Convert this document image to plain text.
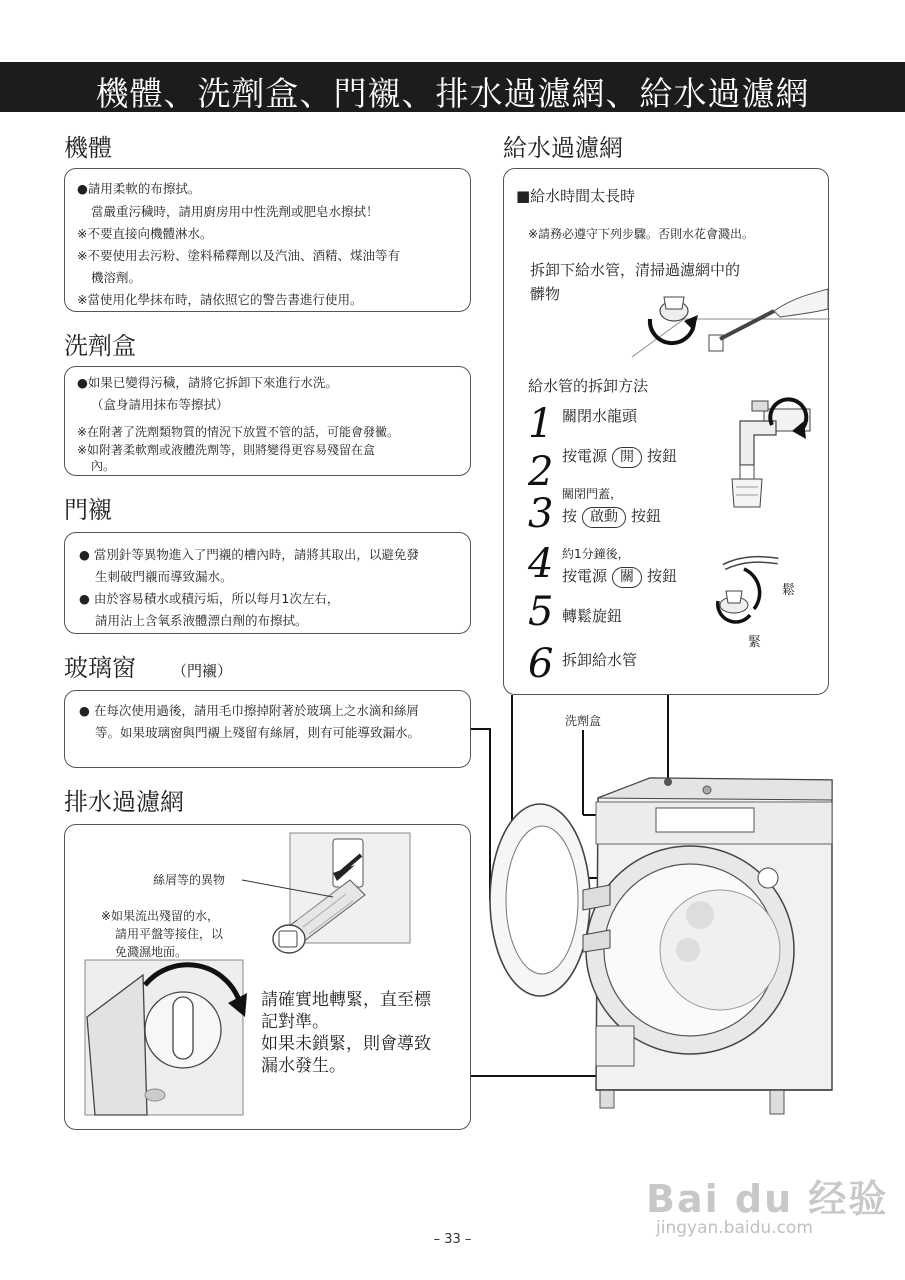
機體、洗劑盒、門襯、排水過濾網、給水過濾網
機體
●請用柔軟的布擦拭。
當嚴重污穢時，請用廚房用中性洗劑或肥皂水擦拭！
※不要直接向機體淋水。
※不要使用去污粉、塗料稀釋劑以及汽油、酒精、煤油等有
機溶劑。
※當使用化學抹布時，請依照它的警告書進行使用。
洗劑盒
●如果已變得污穢，請將它拆卸下來進行水洗。
（盒身請用抹布等擦拭）
※在附著了洗劑類物質的情況下放置不管的話，可能會發黴。
※如附著柔軟劑或液體洗劑等，則將變得更容易殘留在盒
內。
門襯
● 當別針等異物進入了門襯的槽內時，請將其取出，以避免發
生刺破門襯而導致漏水。
● 由於容易積水或積污垢，所以每月1次左右，
請用沾上含氧系液體漂白劑的布擦拭。
玻璃窗 （門襯）
● 在每次使用過後，請用毛巾擦掉附著於玻璃上之水滴和絲屑
等。如果玻璃窗與門襯上殘留有絲屑，則有可能導致漏水。
排水過濾網
絲屑等的異物
※如果流出殘留的水，
請用平盤等接住，以
免濺濕地面。
請確實地轉緊，直至標
記對準。
如果未鎖緊，則會導致
漏水發生。
給水過濾網
■給水時間太長時
※請務必遵守下列步驟。否則水花會濺出。
拆卸下給水管，清掃過濾網中的
髒物
給水管的拆卸方法
1 關閉水龍頭
2 按電源 開 按鈕
3 關閉門蓋，
按 啟動 按鈕
4 約1分鐘後，
按電源 關 按鈕
5 轉鬆旋鈕
6 拆卸給水管
鬆
緊
洗劑盒
Bai du 经验
jingyan.baidu.com
– 33 –
